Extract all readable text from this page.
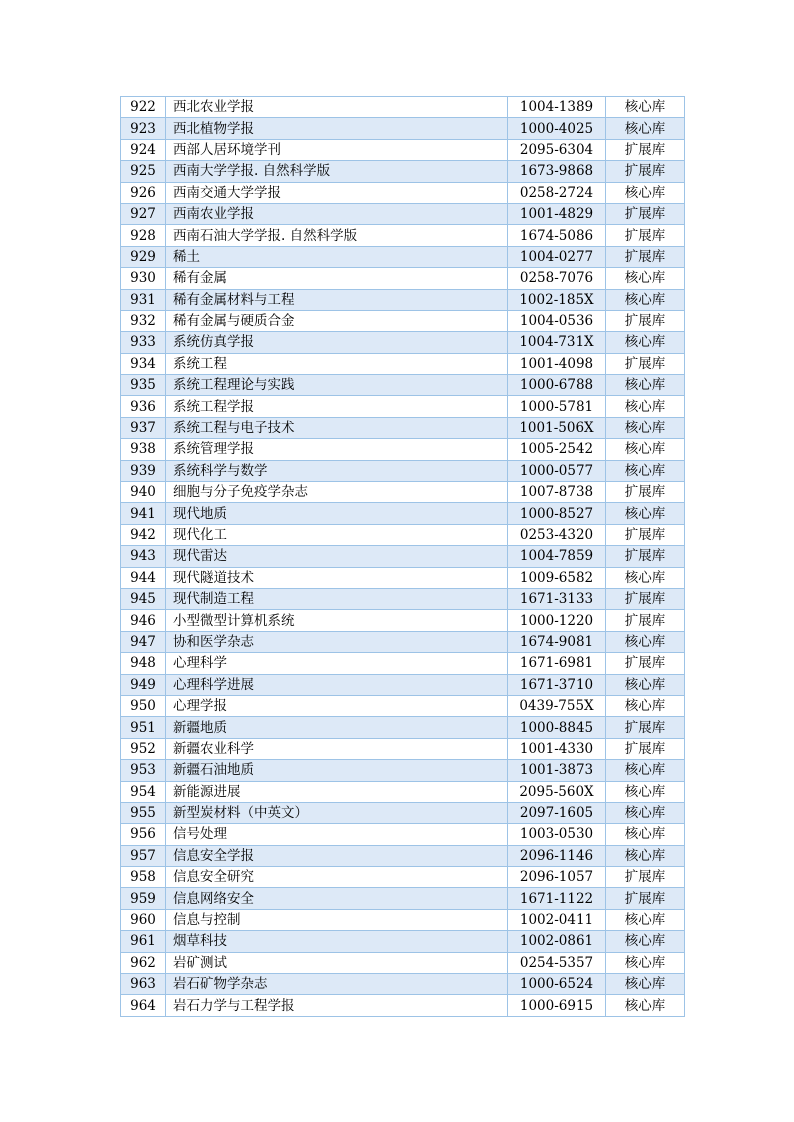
922	西北农业学报	1004-1389	核心库
923	西北植物学报	1000-4025	核心库
924	西部人居环境学刊	2095-6304	扩展库
925	西南大学学报. 自然科学版	1673-9868	扩展库
926	西南交通大学学报	0258-2724	核心库
927	西南农业学报	1001-4829	扩展库
928	西南石油大学学报. 自然科学版	1674-5086	扩展库
929	稀土	1004-0277	扩展库
930	稀有金属	0258-7076	核心库
931	稀有金属材料与工程	1002-185X	核心库
932	稀有金属与硬质合金	1004-0536	扩展库
933	系统仿真学报	1004-731X	核心库
934	系统工程	1001-4098	扩展库
935	系统工程理论与实践	1000-6788	核心库
936	系统工程学报	1000-5781	核心库
937	系统工程与电子技术	1001-506X	核心库
938	系统管理学报	1005-2542	核心库
939	系统科学与数学	1000-0577	核心库
940	细胞与分子免疫学杂志	1007-8738	扩展库
941	现代地质	1000-8527	核心库
942	现代化工	0253-4320	扩展库
943	现代雷达	1004-7859	扩展库
944	现代隧道技术	1009-6582	核心库
945	现代制造工程	1671-3133	扩展库
946	小型微型计算机系统	1000-1220	扩展库
947	协和医学杂志	1674-9081	核心库
948	心理科学	1671-6981	扩展库
949	心理科学进展	1671-3710	核心库
950	心理学报	0439-755X	核心库
951	新疆地质	1000-8845	扩展库
952	新疆农业科学	1001-4330	扩展库
953	新疆石油地质	1001-3873	核心库
954	新能源进展	2095-560X	核心库
955	新型炭材料（中英文）	2097-1605	核心库
956	信号处理	1003-0530	核心库
957	信息安全学报	2096-1146	核心库
958	信息安全研究	2096-1057	扩展库
959	信息网络安全	1671-1122	扩展库
960	信息与控制	1002-0411	核心库
961	烟草科技	1002-0861	核心库
962	岩矿测试	0254-5357	核心库
963	岩石矿物学杂志	1000-6524	核心库
964	岩石力学与工程学报	1000-6915	核心库
